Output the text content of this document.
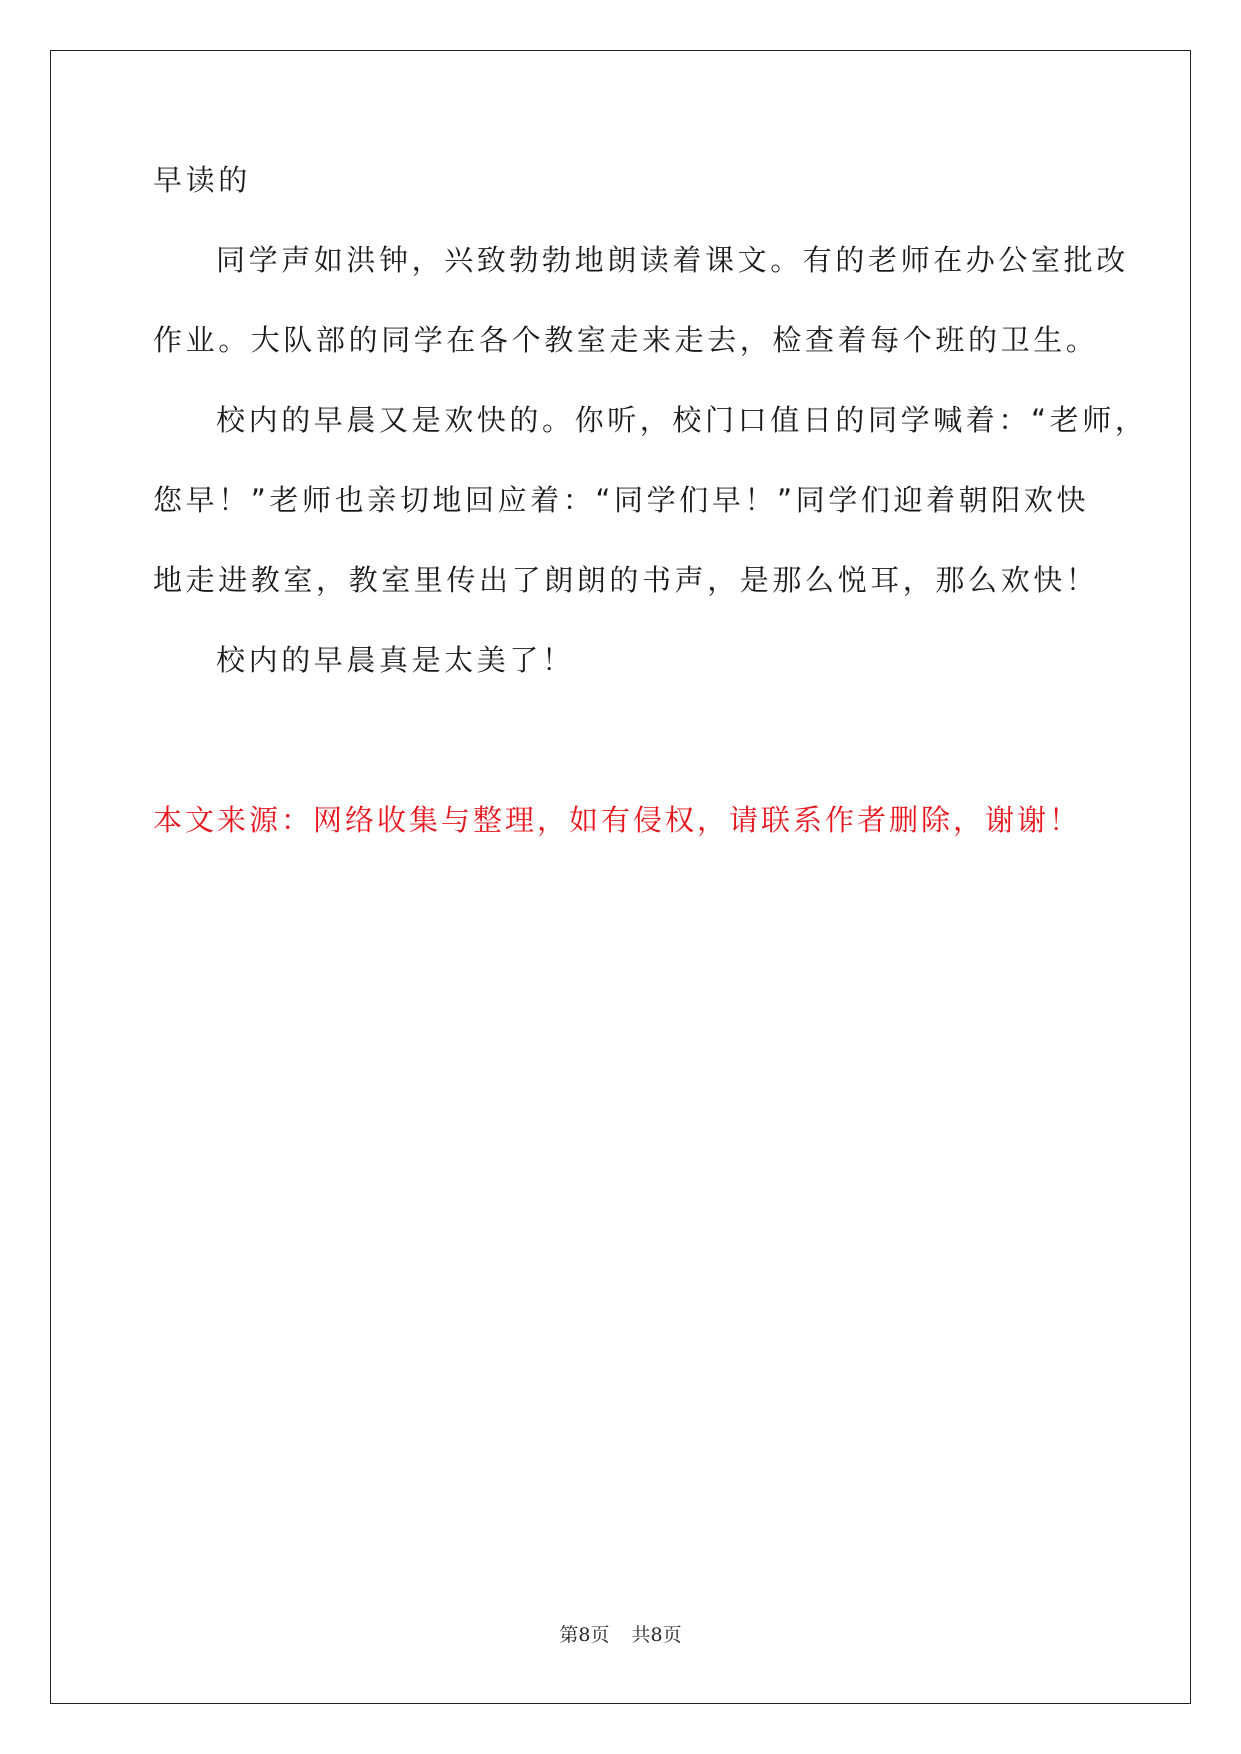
早读的
同学声如洪钟，兴致勃勃地朗读着课文。有的老师在办公室批改
作业。大队部的同学在各个教室走来走去，检查着每个班的卫生。
校内的早晨又是欢快的。你听，校门口值日的同学喊着：“老师，
您早！”老师也亲切地回应着：“同学们早！”同学们迎着朝阳欢快
地走进教室，教室里传出了朗朗的书声，是那么悦耳，那么欢快！
校内的早晨真是太美了！
本文来源：网络收集与整理，如有侵权，请联系作者删除，谢谢！
第8页 共8页
